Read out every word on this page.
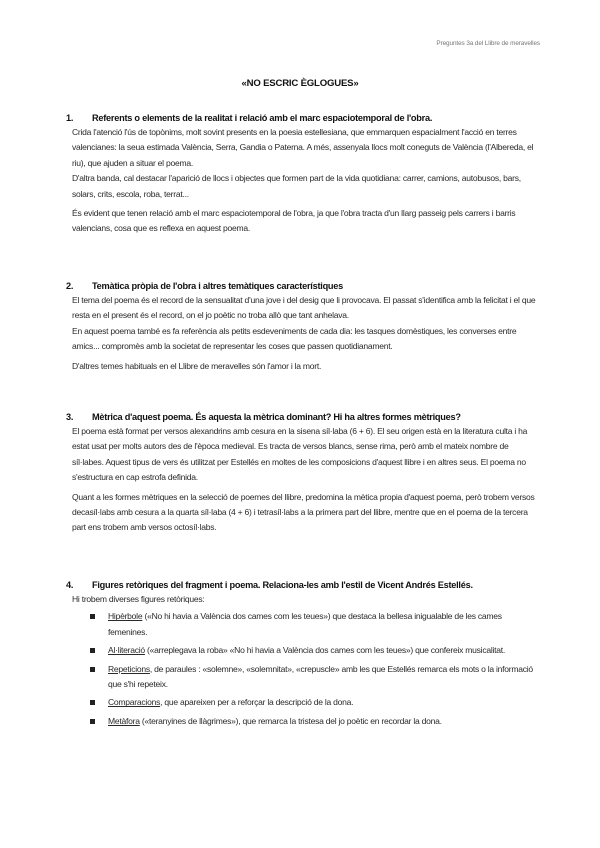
Preguntes 3a del Llibre de meravelles
«NO ESCRIC ÈGLOGUES»
1. Referents o elements de la realitat i relació amb el marc espaciotemporal de l'obra.
Crida l'atenció l'ús de topònims, molt sovint presents en la poesia estellesiana, que emmarquen espacialment l'acció en terres valencianes: la seua estimada València, Serra, Gandia o Paterna. A més, assenyala llocs molt coneguts de València (l'Albereda, el riu), que ajuden a situar el poema.
D'altra banda, cal destacar l'aparició de llocs i objectes que formen part de la vida quotidiana: carrer, camions, autobusos, bars, solars, crits, escola, roba, terrat...
És evident que tenen relació amb el marc espaciotemporal de l'obra, ja que l'obra tracta d'un llarg passeig pels carrers i barris valencians, cosa que es reflexa en aquest poema.
2. Temàtica pròpia de l'obra i altres temàtiques característiques
El tema del poema és el record de la sensualitat d'una jove i del desig que li provocava. El passat s'identifica amb la felicitat i el que resta en el present és el record, on el jo poètic no troba allò que tant anhelava.
En aquest poema també es fa referència als petits esdeveniments de cada dia: les tasques domèstiques, les converses entre amics... compromès amb la societat de representar les coses que passen quotidianament.
D'altres temes habituals en el Llibre de meravelles són l'amor i la mort.
3. Mètrica d'aquest poema. És aquesta la mètrica dominant? Hi ha altres formes mètriques?
El poema està format per versos alexandrins amb cesura en la sisena síl·laba (6 + 6). El seu origen està en la literatura culta i ha estat usat per molts autors des de l'època medieval. Es tracta de versos blancs, sense rima, però amb el mateix nombre de síl·labes. Aquest tipus de vers és utilitzat per Estellés en moltes de les composicions d'aquest llibre i en altres seus. El poema no s'estructura en cap estrofa definida.
Quant a les formes mètriques en la selecció de poemes del llibre, predomina la mètica propia d'aquest poema, però trobem versos decasíl·labs amb cesura a la quarta síl·laba (4 + 6) i tetrasíl·labs a la primera part del llibre, mentre que en el poema de la tercera part ens trobem amb versos octosíl·labs.
4. Figures retòriques del fragment i poema. Relaciona-les amb l'estil de Vicent Andrés Estellés.
Hi trobem diverses figures retòriques:
Hipèrbole («No hi havia a València dos cames com les teues») que destaca la bellesa inigualable de les cames femenines.
Al·literació («arreplegava la roba» «No hi havia a València dos cames com les teues») que confereix musicalitat.
Repeticions, de paraules : «solemne», «solemnitat», «crepuscle» amb les que Estellés remarca els mots o la informació que s'hi repeteix.
Comparacions, que apareixen per a reforçar la descripció de la dona.
Metàfora («teranyines de llàgrimes»), que remarca la tristesa del jo poètic en recordar la dona.
